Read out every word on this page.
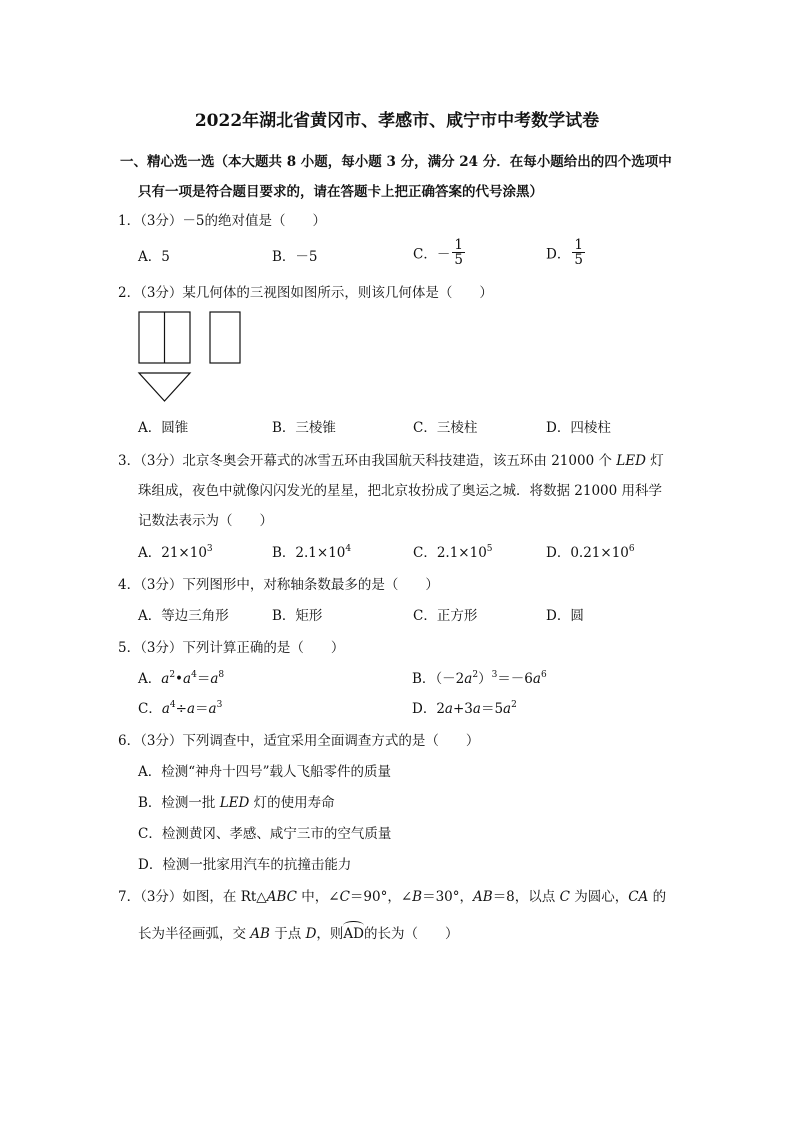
2022年湖北省黄冈市、孝感市、咸宁市中考数学试卷
一、精心选一选（本大题共 8 小题，每小题 3 分，满分 24 分．在每小题给出的四个选项中
只有一项是符合题目要求的，请在答题卡上把正确答案的代号涂黑）
1．（3分）－5的绝对值是（　　）
A．5	B．－5	C．－ $\frac{1}{5}$	D． $\frac{1}{5}$
2．（3分）某几何体的三视图如图所示，则该几何体是（　　）
A．圆锥	B．三棱锥	C．三棱柱	D．四棱柱
3．（3分）北京冬奥会开幕式的冰雪五环由我国航天科技建造，该五环由 21000 个 LED 灯
珠组成，夜色中就像闪闪发光的星星，把北京妆扮成了奥运之城．将数据 21000 用科学
记数法表示为（　　）
A．$21\times 10^3$	B．$2.1\times 10^4$	C．$2.1\times 10^5$	D．$0.21\times 10^6$
4．（3分）下列图形中，对称轴条数最多的是（　　）
A．等边三角形	B．矩形	C．正方形	D．圆
5．（3分）下列计算正确的是（　　）
A．$a^2•a^4=a^8$	B．$(-2a^2)^3=-6a^6$
C．$a^4\div a=a^3$	D．$2a+3a=5a^2$
6．（3分）下列调查中，适宜采用全面调查方式的是（　　）
A．检测“神舟十四号”载人飞船零件的质量
B．检测一批 LED 灯的使用寿命
C．检测黄冈、孝感、咸宁三市的空气质量
D．检测一批家用汽车的抗撞击能力
7．（3分）如图，在 Rt△ABC 中，∠C＝90°，∠B＝30°，AB＝8，以点 C 为圆心，CA 的
长为半径画弧，交 AB 于点 D，则AD的长为（　　）
